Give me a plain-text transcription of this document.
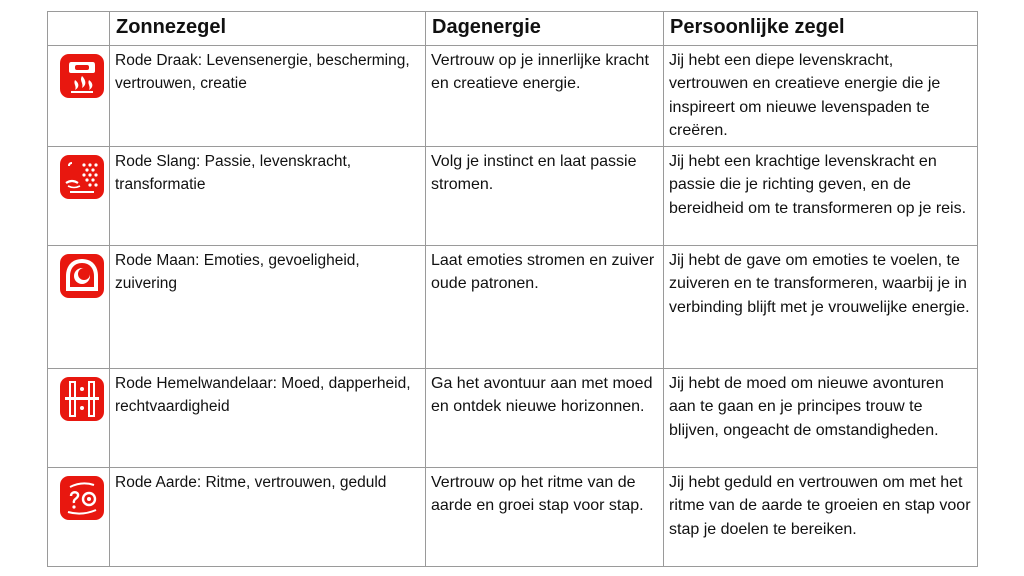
	Zonnezegel	Dagenergie	Persoonlijke zegel

	Rode Draak: Levensenergie, bescherming, vertrouwen, creatie	Vertrouw op je innerlijke kracht en creatieve energie.	Jij hebt een diepe levenskracht, vertrouwen en creatieve energie die je inspireert om nieuwe levenspaden te creëren.

	Rode Slang: Passie, levenskracht, transformatie	Volg je instinct en laat passie stromen.	Jij hebt een krachtige levenskracht en passie die je richting geven, en de bereidheid om te transformeren op je reis.

	Rode Maan: Emoties, gevoeligheid, zuivering	Laat emoties stromen en zuiver oude patronen.	Jij hebt de gave om emoties te voelen, te zuiveren en te transformeren, waarbij je in verbinding blijft met je vrouwelijke energie.

	Rode Hemelwandelaar: Moed, dapperheid, rechtvaardigheid	Ga het avontuur aan met moed en ontdek nieuwe horizonnen.	Jij hebt de moed om nieuwe avonturen aan te gaan en je principes trouw te blijven, ongeacht de omstandigheden.

	Rode Aarde: Ritme, vertrouwen, geduld	Vertrouw op het ritme van de aarde en groei stap voor stap.	Jij hebt geduld en vertrouwen om met het ritme van de aarde te groeien en stap voor stap je doelen te bereiken.
